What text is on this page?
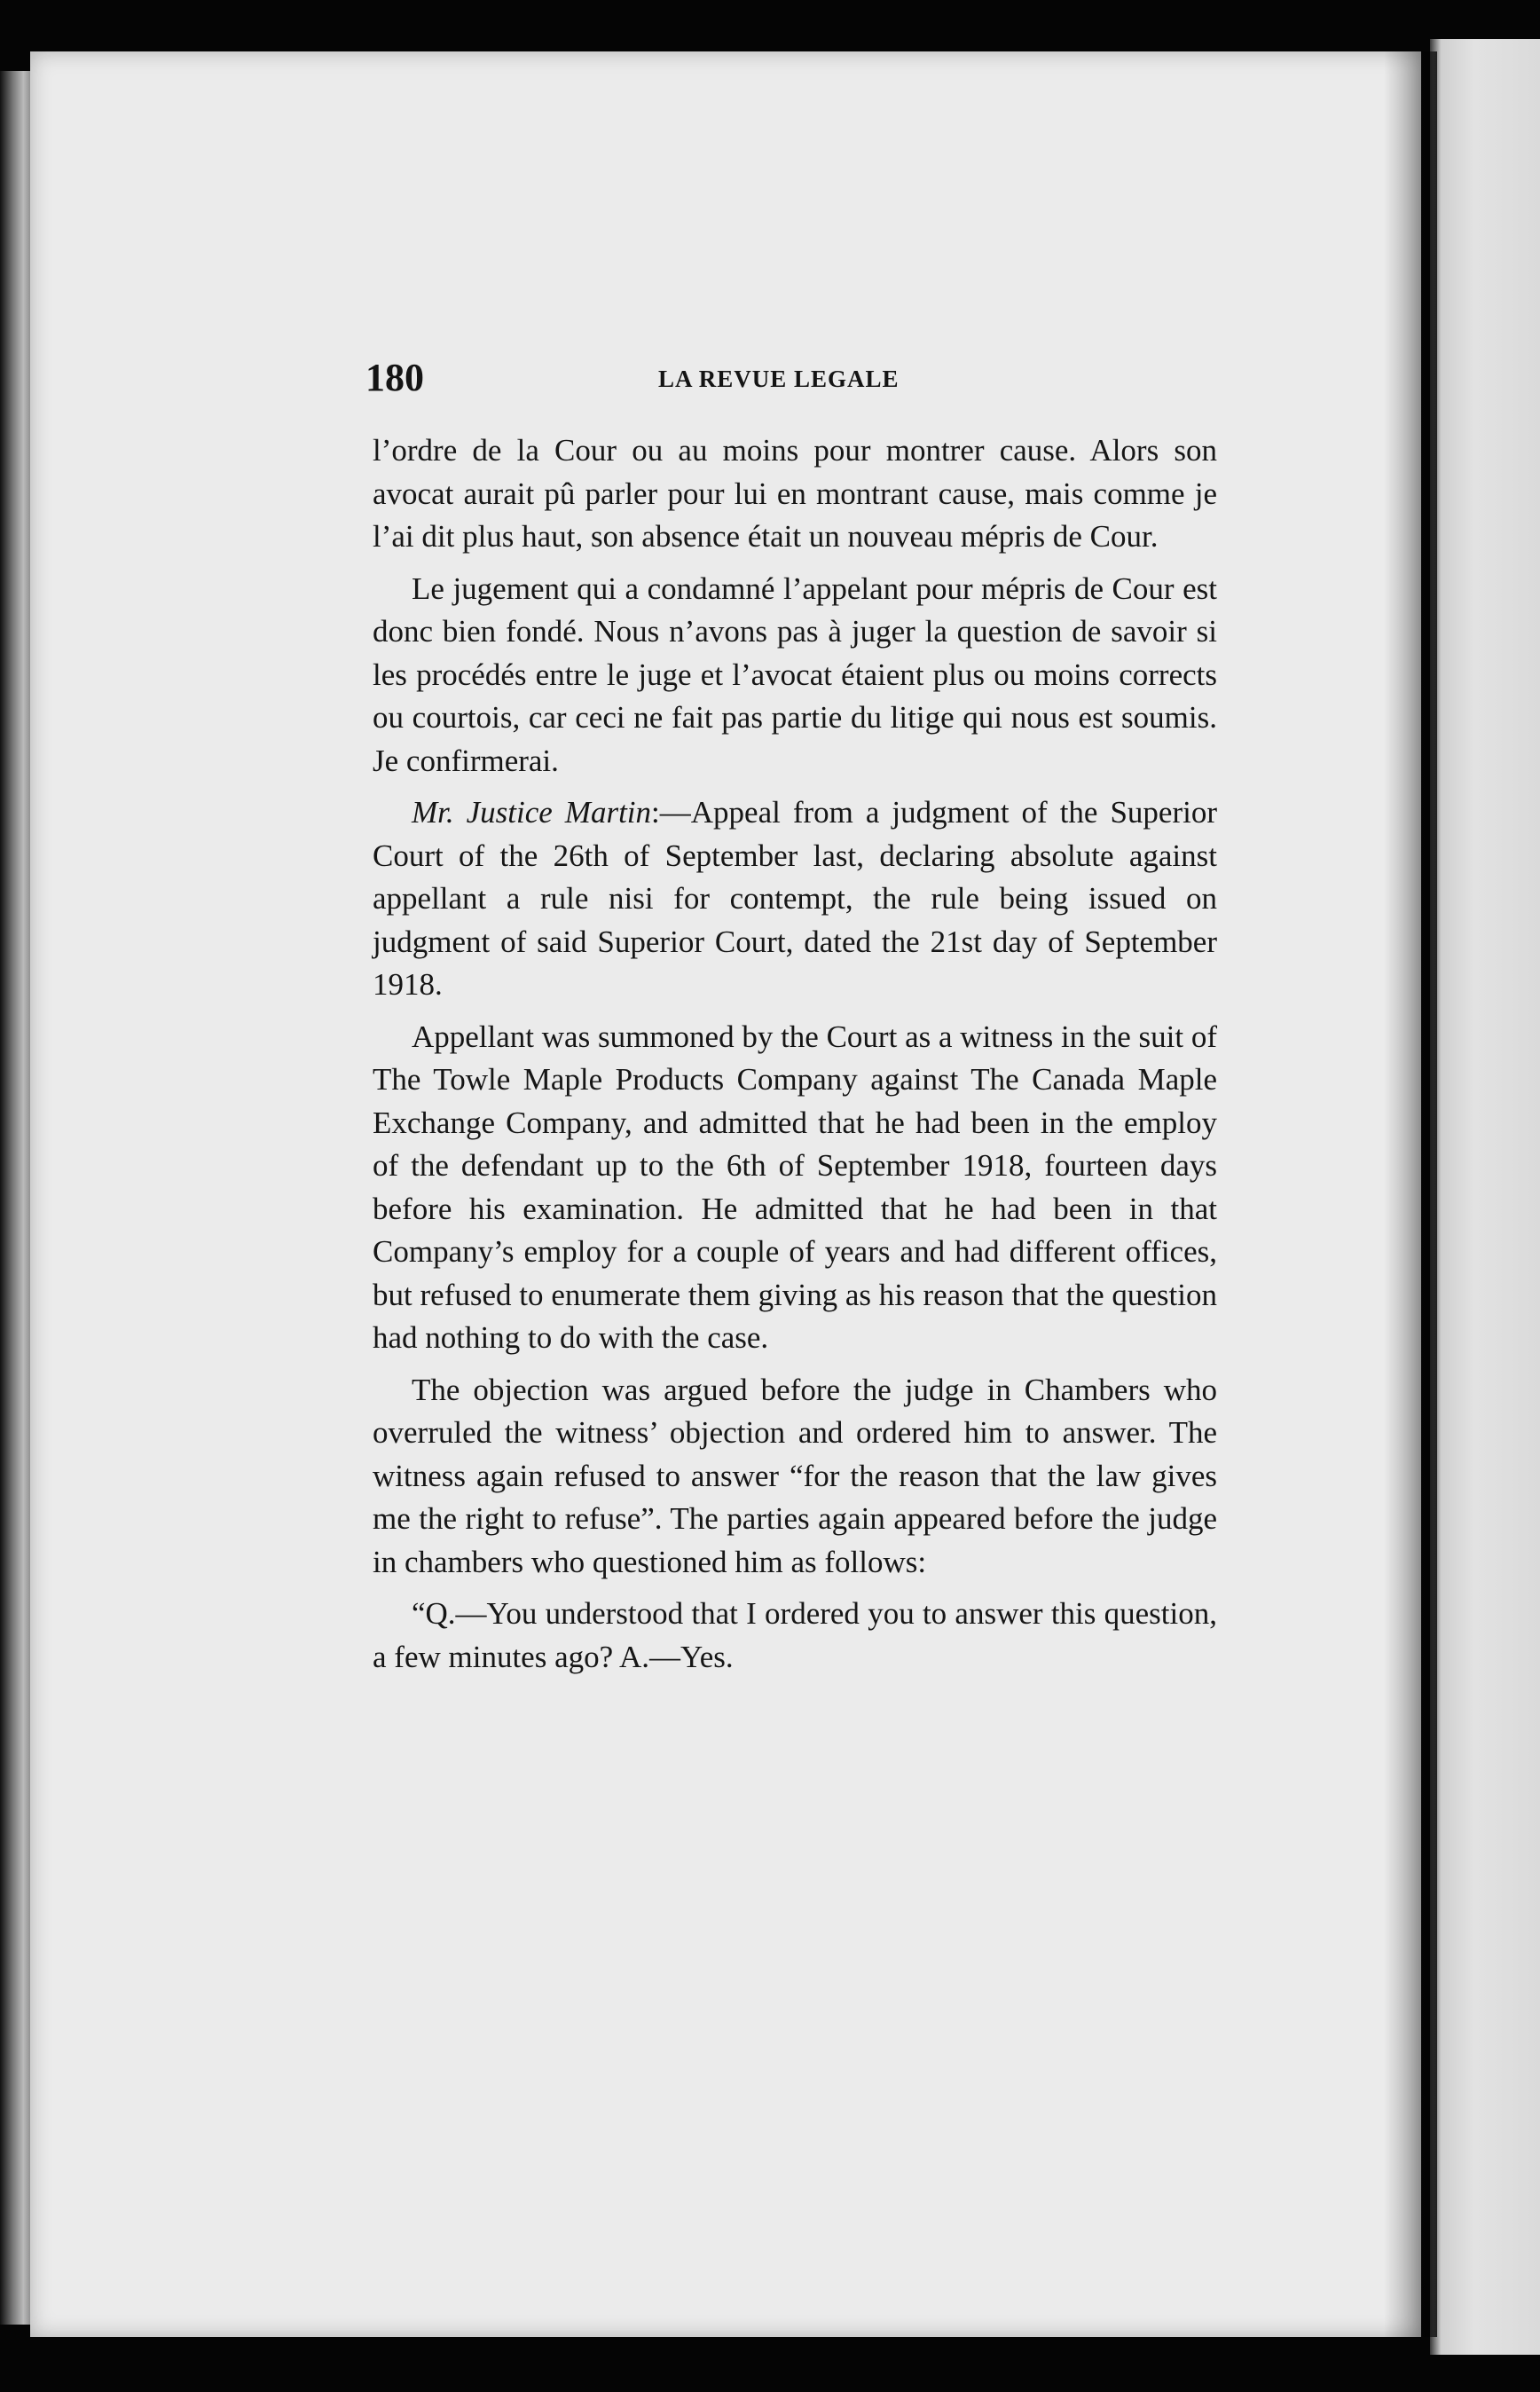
180	LA REVUE LEGALE

l’ordre de la Cour ou au moins pour montrer cause. Alors son avocat aurait pû parler pour lui en montrant cause, mais comme je l’ai dit plus haut, son absence était un nouveau mépris de Cour.

Le jugement qui a condamné l’appelant pour mépris de Cour est donc bien fondé. Nous n’avons pas à juger la question de savoir si les procédés entre le juge et l’avocat étaient plus ou moins corrects ou courtois, car ceci ne fait pas partie du litige qui nous est soumis. Je confirmerai.

Mr. Justice Martin:—Appeal from a judgment of the Superior Court of the 26th of September last, declaring absolute against appellant a rule nisi for contempt, the rule being issued on judgment of said Superior Court, dated the 21st day of September 1918.

Appellant was summoned by the Court as a witness in the suit of The Towle Maple Products Company against The Canada Maple Exchange Company, and admitted that he had been in the employ of the defendant up to the 6th of September 1918, fourteen days before his examination. He admitted that he had been in that Company’s employ for a couple of years and had different offices, but refused to enumerate them giving as his reason that the question had nothing to do with the case.

The objection was argued before the judge in Chambers who overruled the witness’ objection and ordered him to answer. The witness again refused to answer “for the reason that the law gives me the right to refuse”. The parties again appeared before the judge in chambers who questioned him as follows:

“Q.—You understood that I ordered you to answer this question, a few minutes ago? A.—Yes.
